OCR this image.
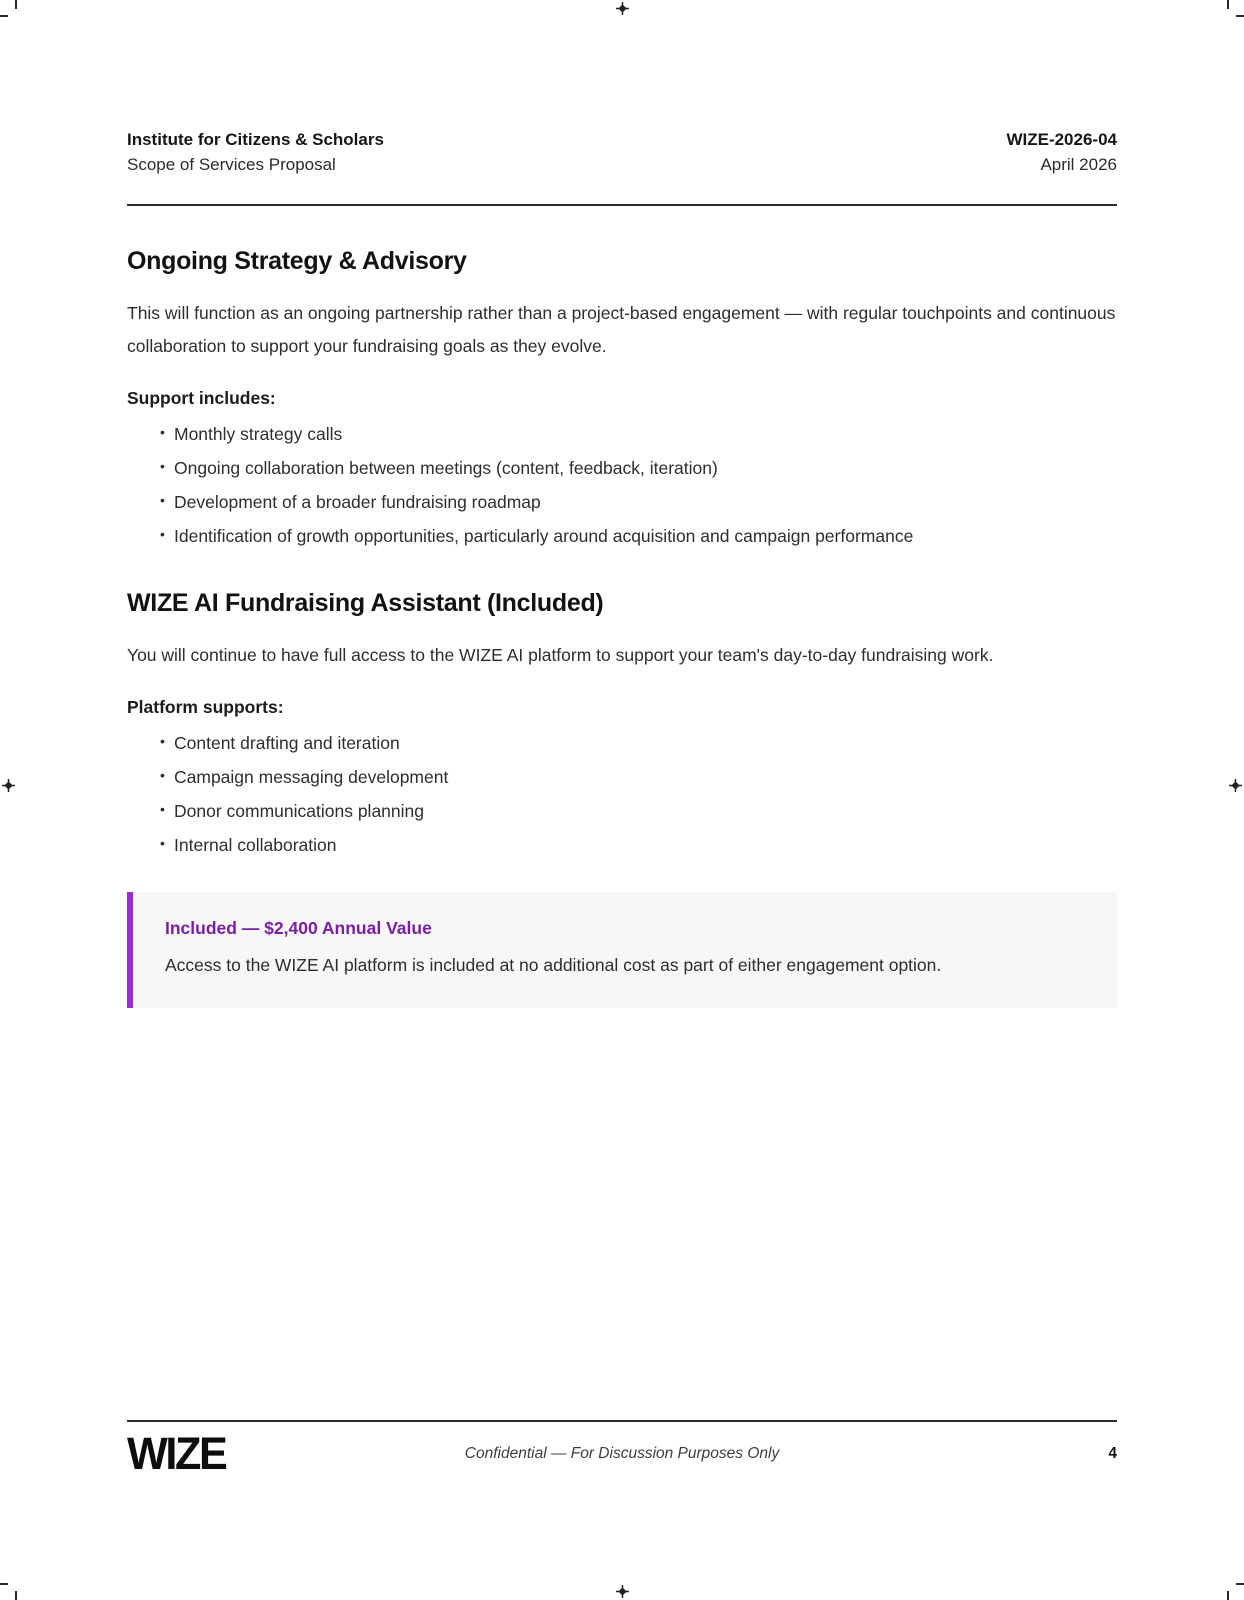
Institute for Citizens & Scholars
Scope of Services Proposal
WIZE-2026-04
April 2026
Ongoing Strategy & Advisory

This will function as an ongoing partnership rather than a project-based engagement — with regular touchpoints and continuous collaboration to support your fundraising goals as they evolve.

Support includes:

• Monthly strategy calls
• Ongoing collaboration between meetings (content, feedback, iteration)
• Development of a broader fundraising roadmap
• Identification of growth opportunities, particularly around acquisition and campaign performance
WIZE AI Fundraising Assistant (Included)

You will continue to have full access to the WIZE AI platform to support your team's day-to-day fundraising work.

Platform supports:

• Content drafting and iteration
• Campaign messaging development
• Donor communications planning
• Internal collaboration
Included — $2,400 Annual Value
Access to the WIZE AI platform is included at no additional cost as part of either engagement option.
WIZE	Confidential — For Discussion Purposes Only	4
